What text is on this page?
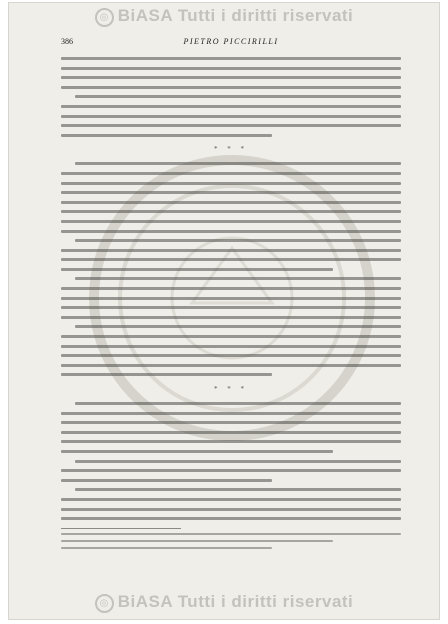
◎ BiASA Tutti i diritti riservati
386	PIETRO PICCIRILLI
* * *
* * *
◎ BiASA Tutti i diritti riservati
